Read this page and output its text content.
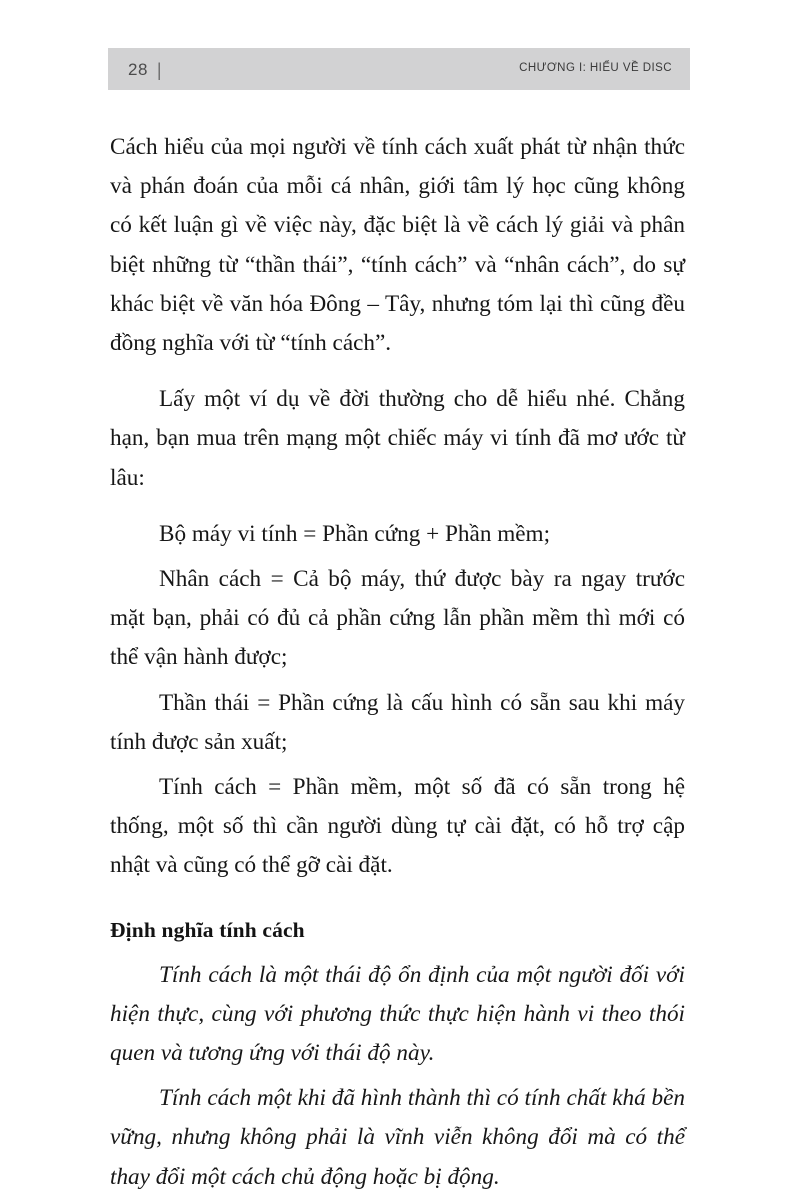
28 |	CHƯƠNG I: HIỂU VỀ DISC

Cách hiểu của mọi người về tính cách xuất phát từ nhận thức và phán đoán của mỗi cá nhân, giới tâm lý học cũng không có kết luận gì về việc này, đặc biệt là về cách lý giải và phân biệt những từ “thần thái”, “tính cách” và “nhân cách”, do sự khác biệt về văn hóa Đông – Tây, nhưng tóm lại thì cũng đều đồng nghĩa với từ “tính cách”.

Lấy một ví dụ về đời thường cho dễ hiểu nhé. Chẳng hạn, bạn mua trên mạng một chiếc máy vi tính đã mơ ước từ lâu:

Bộ máy vi tính = Phần cứng + Phần mềm;

Nhân cách = Cả bộ máy, thứ được bày ra ngay trước mặt bạn, phải có đủ cả phần cứng lẫn phần mềm thì mới có thể vận hành được;

Thần thái = Phần cứng là cấu hình có sẵn sau khi máy tính được sản xuất;

Tính cách = Phần mềm, một số đã có sẵn trong hệ thống, một số thì cần người dùng tự cài đặt, có hỗ trợ cập nhật và cũng có thể gỡ cài đặt.

Định nghĩa tính cách

Tính cách là một thái độ ổn định của một người đối với hiện thực, cùng với phương thức thực hiện hành vi theo thói quen và tương ứng với thái độ này.

Tính cách một khi đã hình thành thì có tính chất khá bền vững, nhưng không phải là vĩnh viễn không đổi mà có thể thay đổi một cách chủ động hoặc bị động.
